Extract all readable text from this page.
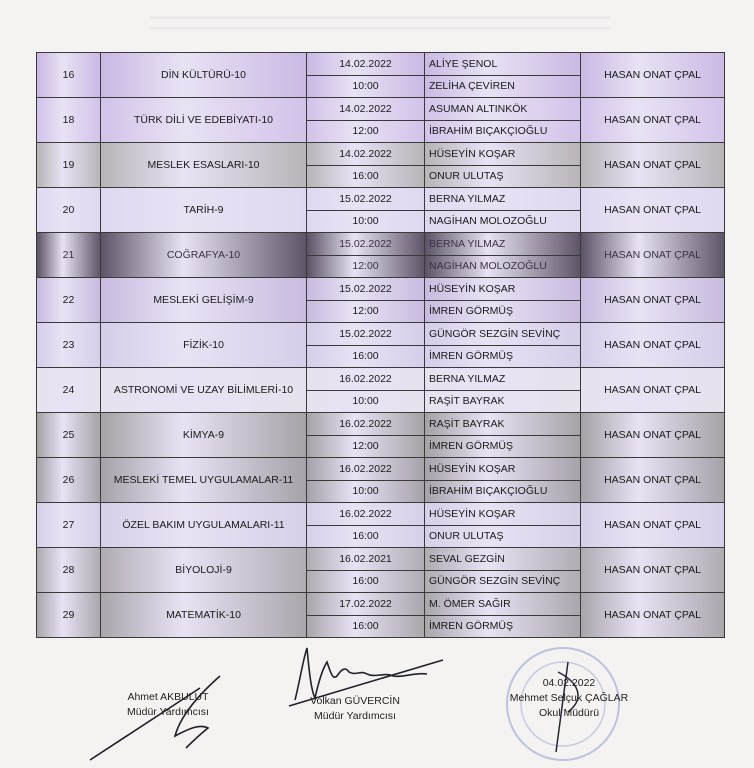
16	DİN KÜLTÜRÜ-10	14.02.2022	ALİYE ŞENOL	HASAN ONAT ÇPAL
		10:00	ZELİHA ÇEVİREN	
18	TÜRK DİLİ VE EDEBİYATI-10	14.02.2022	ASUMAN ALTINKÖK	HASAN ONAT ÇPAL
		12:00	İBRAHİM BIÇAKÇIOĞLU	
19	MESLEK ESASLARI-10	14.02.2022	HÜSEYİN KOŞAR	HASAN ONAT ÇPAL
		16:00	ONUR ULUTAŞ	
20	TARİH-9	15.02.2022	BERNA YILMAZ	HASAN ONAT ÇPAL
		10:00	NAGİHAN MOLOZOĞLU	
21	COĞRAFYA-10	15.02.2022	BERNA YILMAZ	HASAN ONAT ÇPAL
		12:00	NAGİHAN MOLOZOĞLU	
22	MESLEKİ GELİŞİM-9	15.02.2022	HÜSEYİN KOŞAR	HASAN ONAT ÇPAL
		12:00	İMREN GÖRMÜŞ	
23	FİZİK-10	15.02.2022	GÜNGÖR SEZGİN SEVİNÇ	HASAN ONAT ÇPAL
		16:00	İMREN GÖRMÜŞ	
24	ASTRONOMİ VE UZAY BİLİMLERİ-10	16.02.2022	BERNA YILMAZ	HASAN ONAT ÇPAL
		10:00	RAŞİT BAYRAK	
25	KİMYA-9	16.02.2022	RAŞİT BAYRAK	HASAN ONAT ÇPAL
		12:00	İMREN GÖRMÜŞ	
26	MESLEKİ TEMEL UYGULAMALAR-11	16.02.2022	HÜSEYİN KOŞAR	HASAN ONAT ÇPAL
		10:00	İBRAHİM BIÇAKÇIOĞLU	
27	ÖZEL BAKIM UYGULAMALARI-11	16.02.2022	HÜSEYİN KOŞAR	HASAN ONAT ÇPAL
		16:00	ONUR ULUTAŞ	
28	BİYOLOJİ-9	16.02.2021	SEVAL GEZGİN	HASAN ONAT ÇPAL
		16:00	GÜNGÖR SEZGİN SEVİNÇ	
29	MATEMATİK-10	17.02.2022	M. ÖMER SAĞIR	HASAN ONAT ÇPAL
		16:00	İMREN GÖRMÜŞ	
Ahmet AKBULUT
Müdür Yardımcısı
Volkan GÜVERCİN
Müdür Yardımcısı
04.02.2022
Mehmet Selçuk ÇAĞLAR
Okul Müdürü
